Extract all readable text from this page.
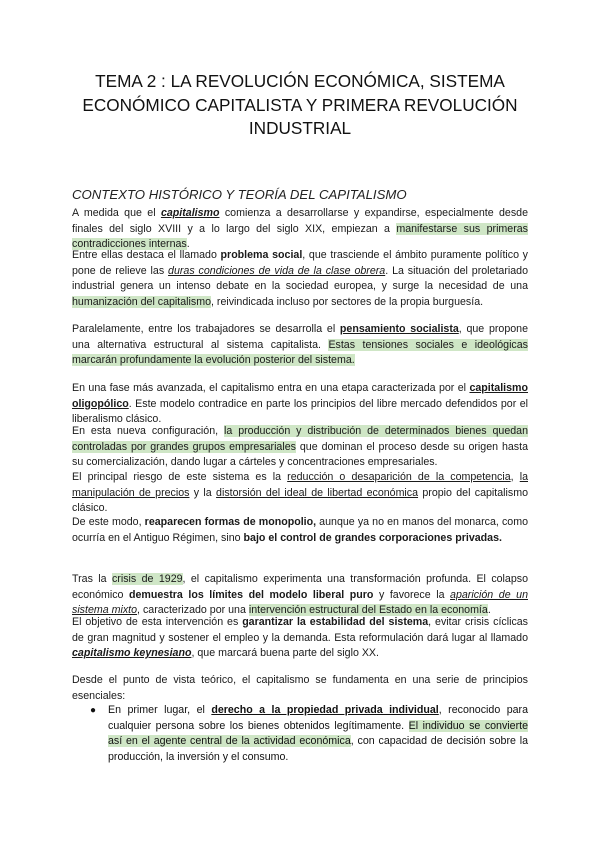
TEMA 2 : LA REVOLUCIÓN ECONÓMICA, SISTEMA ECONÓMICO CAPITALISTA Y PRIMERA REVOLUCIÓN INDUSTRIAL
CONTEXTO HISTÓRICO Y TEORÍA DEL CAPITALISMO
A medida que el capitalismo comienza a desarrollarse y expandirse, especialmente desde finales del siglo XVIII y a lo largo del siglo XIX, empiezan a manifestarse sus primeras contradicciones internas.
Entre ellas destaca el llamado problema social, que trasciende el ámbito puramente político y pone de relieve las duras condiciones de vida de la clase obrera. La situación del proletariado industrial genera un intenso debate en la sociedad europea, y surge la necesidad de una humanización del capitalismo, reivindicada incluso por sectores de la propia burguesía.
Paralelamente, entre los trabajadores se desarrolla el pensamiento socialista, que propone una alternativa estructural al sistema capitalista. Estas tensiones sociales e ideológicas marcarán profundamente la evolución posterior del sistema.
En una fase más avanzada, el capitalismo entra en una etapa caracterizada por el capitalismo oligopólico. Este modelo contradice en parte los principios del libre mercado defendidos por el liberalismo clásico.
En esta nueva configuración, la producción y distribución de determinados bienes quedan controladas por grandes grupos empresariales que dominan el proceso desde su origen hasta su comercialización, dando lugar a cárteles y concentraciones empresariales.
El principal riesgo de este sistema es la reducción o desaparición de la competencia, la manipulación de precios y la distorsión del ideal de libertad económica propio del capitalismo clásico.
De este modo, reaparecen formas de monopolio, aunque ya no en manos del monarca, como ocurría en el Antiguo Régimen, sino bajo el control de grandes corporaciones privadas.
Tras la crisis de 1929, el capitalismo experimenta una transformación profunda. El colapso económico demuestra los límites del modelo liberal puro y favorece la aparición de un sistema mixto, caracterizado por una intervención estructural del Estado en la economía.
El objetivo de esta intervención es garantizar la estabilidad del sistema, evitar crisis cíclicas de gran magnitud y sostener el empleo y la demanda. Esta reformulación dará lugar al llamado capitalismo keynesiano, que marcará buena parte del siglo XX.
Desde el punto de vista teórico, el capitalismo se fundamenta en una serie de principios esenciales:
● En primer lugar, el derecho a la propiedad privada individual, reconocido para cualquier persona sobre los bienes obtenidos legítimamente. El individuo se convierte así en el agente central de la actividad económica, con capacidad de decisión sobre la producción, la inversión y el consumo.
